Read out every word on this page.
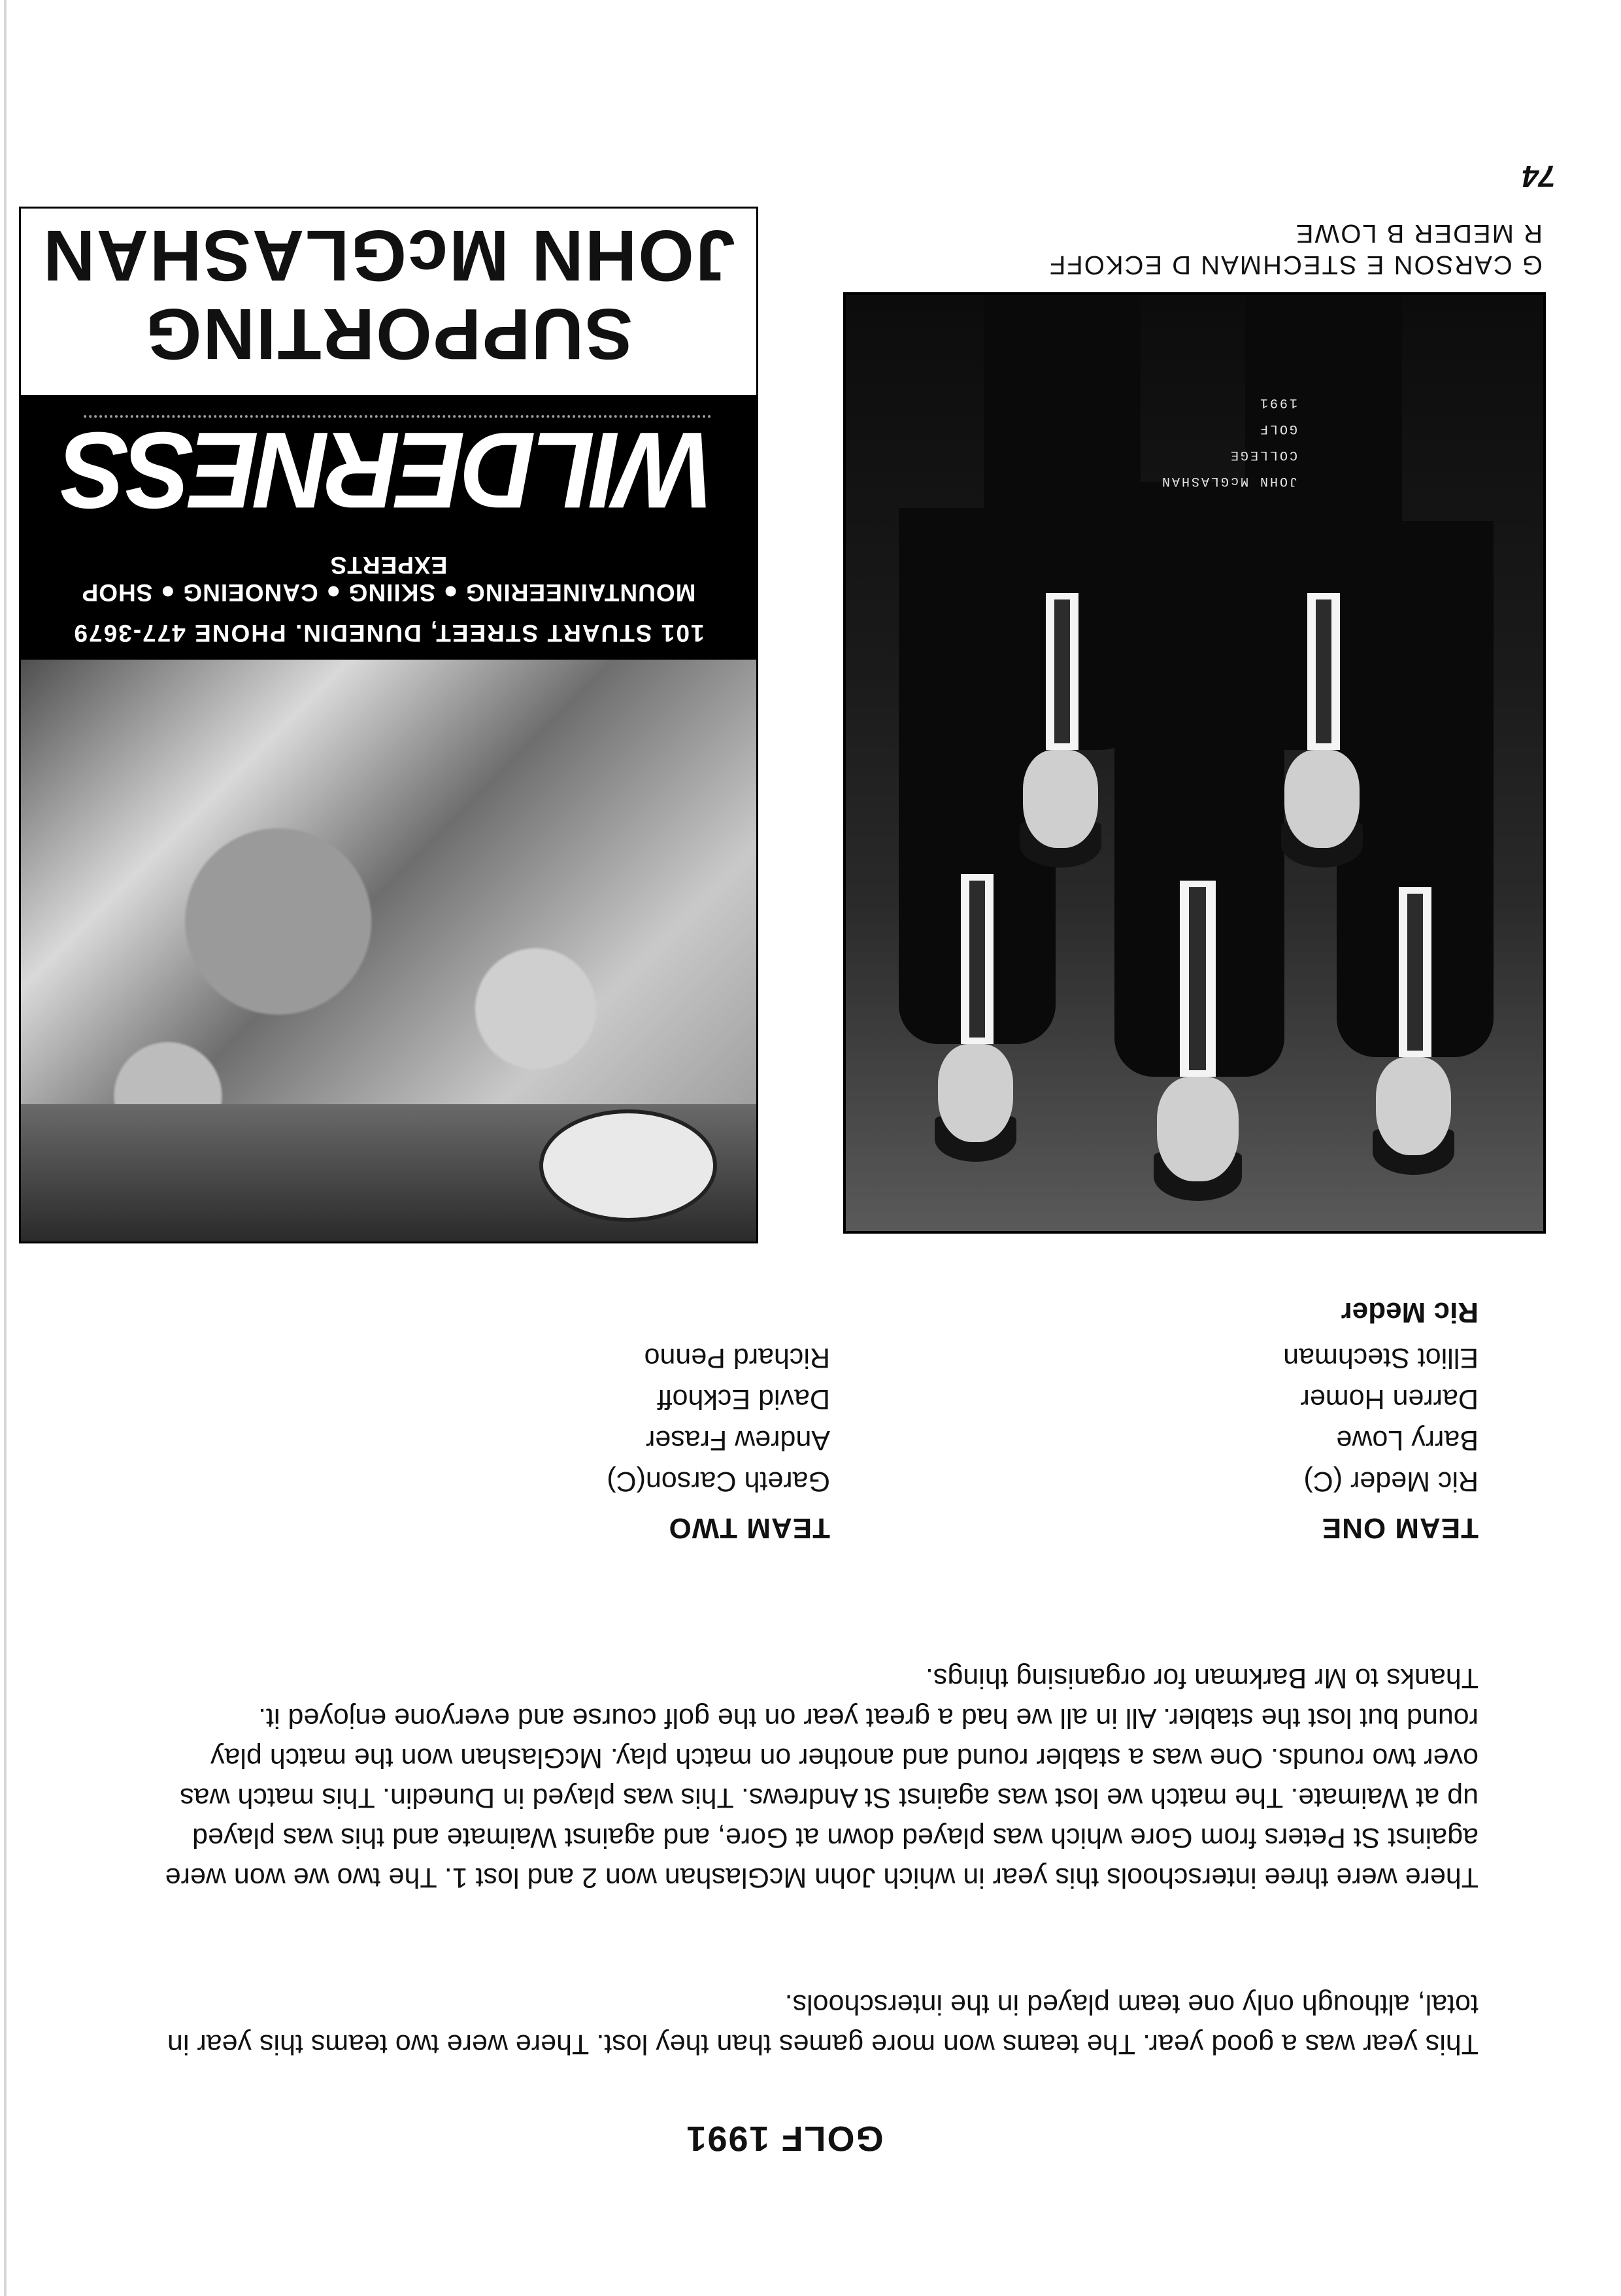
GOLF 1991

This year was a good year. The teams won more games than they lost. There were two teams this year in total, although only one team played in the interschools.

There were three interschools this year in which John McGlashan won 2 and lost 1. The two we won were against St Peters from Gore which was played down at Gore, and against Waimate and this was played up at Waimate. The match we lost was against St Andrews. This was played in Dunedin. This match was over two rounds. One was a stabler round and another on match play. McGlashan won the match play round but lost the stabler. All in all we had a great year on the golf course and everyone enjoyed it. Thanks to Mr Barkman for organising things.

TEAM ONE
Ric Meder (C)
Barry Lowe
Darren Homer
Elliot Stechman
TEAM TWO
Gareth Carson(C)
Andrew Fraser
David Eckhoff
Richard Penno
Ric Meder
JOHN McGLASHAN
COLLEGE
GOLF
1991
G CARSON E STECHMAN D ECKOFF
R MEDER B LOWE
74
101 STUART STREET, DUNEDIN. PHONE 477-3679
MOUNTAINEERING ● SKIING ● CANOEING ● SHOP EXPERTS
WILDERNESS
SUPPORTING
JOHN McGLASHAN
